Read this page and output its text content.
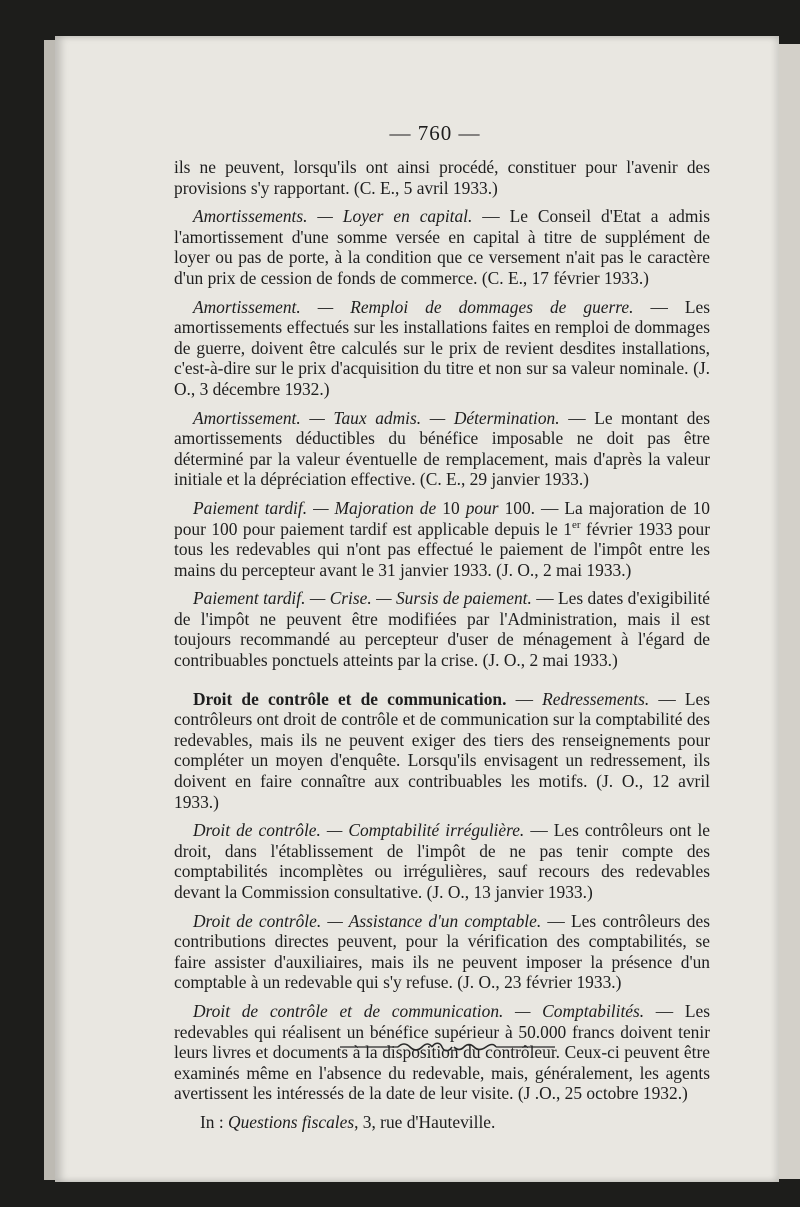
— 760 —

ils ne peuvent, lorsqu'ils ont ainsi procédé, constituer pour l'avenir des provisions s'y rapportant. (C. E., 5 avril 1933.)

Amortissements. — Loyer en capital. — Le Conseil d'Etat a admis l'amortissement d'une somme versée en capital à titre de supplément de loyer ou pas de porte, à la condition que ce versement n'ait pas le caractère d'un prix de cession de fonds de commerce. (C. E., 17 février 1933.)

Amortissement. — Remploi de dommages de guerre. — Les amortissements effectués sur les installations faites en remploi de dommages de guerre, doivent être calculés sur le prix de revient desdites installations, c'est-à-dire sur le prix d'acquisition du titre et non sur sa valeur nominale. (J. O., 3 décembre 1932.)

Amortissement. — Taux admis. — Détermination. — Le montant des amortissements déductibles du bénéfice imposable ne doit pas être déterminé par la valeur éventuelle de remplacement, mais d'après la valeur initiale et la dépréciation effective. (C. E., 29 janvier 1933.)

Paiement tardif. — Majoration de 10 pour 100. — La majoration de 10 pour 100 pour paiement tardif est applicable depuis le 1er février 1933 pour tous les redevables qui n'ont pas effectué le paiement de l'impôt entre les mains du percepteur avant le 31 janvier 1933. (J. O., 2 mai 1933.)

Paiement tardif. — Crise. — Sursis de paiement. — Les dates d'exigibilité de l'impôt ne peuvent être modifiées par l'Administration, mais il est toujours recommandé au percepteur d'user de ménagement à l'égard de contribuables ponctuels atteints par la crise. (J. O., 2 mai 1933.)

Droit de contrôle et de communication. — Redressements. — Les contrôleurs ont droit de contrôle et de communication sur la comptabilité des redevables, mais ils ne peuvent exiger des tiers des renseignements pour compléter un moyen d'enquête. Lorsqu'ils envisagent un redressement, ils doivent en faire connaître aux contribuables les motifs. (J. O., 12 avril 1933.)

Droit de contrôle. — Comptabilité irrégulière. — Les contrôleurs ont le droit, dans l'établissement de l'impôt de ne pas tenir compte des comptabilités incomplètes ou irrégulières, sauf recours des redevables devant la Commission consultative. (J. O., 13 janvier 1933.)

Droit de contrôle. — Assistance d'un comptable. — Les contrôleurs des contributions directes peuvent, pour la vérification des comptabilités, se faire assister d'auxiliaires, mais ils ne peuvent imposer la présence d'un comptable à un redevable qui s'y refuse. (J. O., 23 février 1933.)

Droit de contrôle et de communication. — Comptabilités. — Les redevables qui réalisent un bénéfice supérieur à 50.000 francs doivent tenir leurs livres et documents à la disposition du contrôleur. Ceux-ci peuvent être examinés même en l'absence du redevable, mais, généralement, les agents avertissent les intéressés de la date de leur visite. (J .O., 25 octobre 1932.)

In : Questions fiscales, 3, rue d'Hauteville.
